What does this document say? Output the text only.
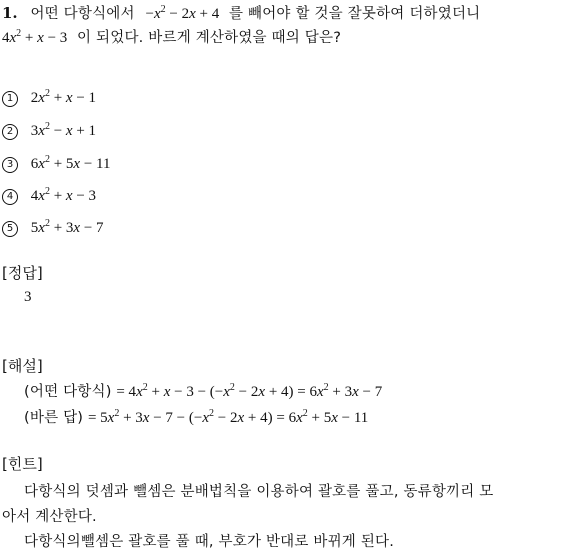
1. 어떤 다항식에서 $-x^2 - 2x + 4$ 를 빼어야 할 것을 잘못하여 더하였더니
$4x^2 + x - 3$ 이 되었다. 바르게 계산하였을 때의 답은?
1 $2x^2 + x - 1$
2 $3x^2 - x + 1$
3 $6x^2 + 5x - 11$
4 $4x^2 + x - 3$
5 $5x^2 + 3x - 7$
[정답]
3
[해설]
(어떤 다항식) = $4x^2 + x - 3 - (-x^2 - 2x + 4) = 6x^2 + 3x - 7$
(바른 답) = $5x^2 + 3x - 7 - (-x^2 - 2x + 4) = 6x^2 + 5x - 11$
[힌트]
다항식의 덧셈과 뺄셈은 분배법칙을 이용하여 괄호를 풀고, 동류항끼리 모
아서 계산한다.
다항식의뺄셈은 괄호를 풀 때, 부호가 반대로 바뀌게 된다.
